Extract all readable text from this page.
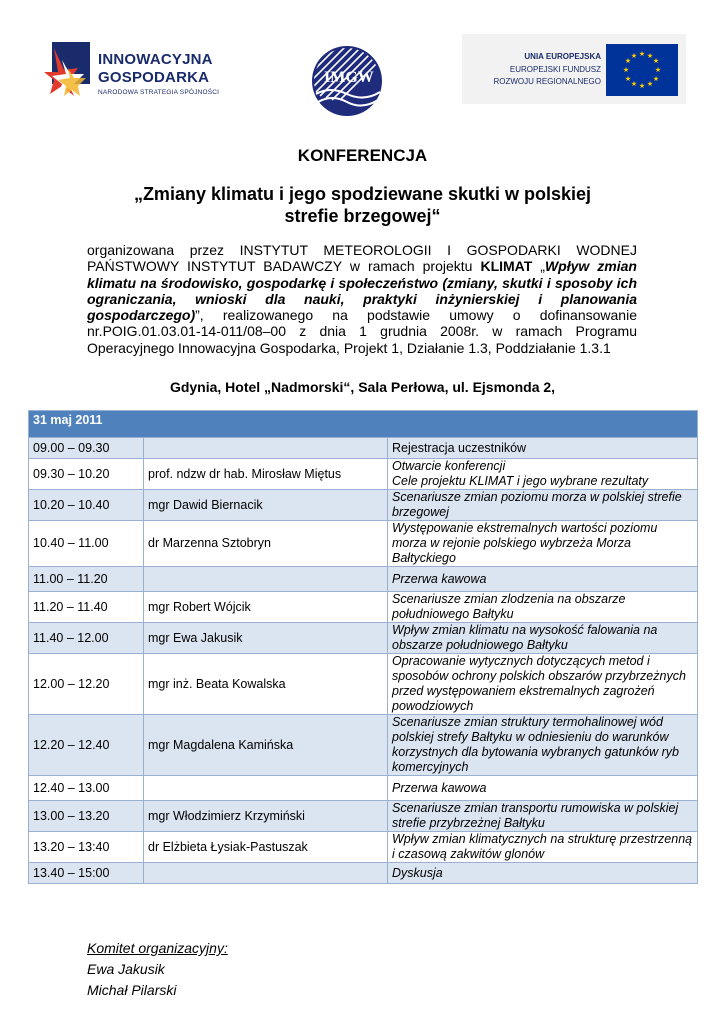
INNOWACYJNA
GOSPODARKA
NARODOWA STRATEGIA SPÓJNOŚCI
IMGW
UNIA EUROPEJSKA
EUROPEJSKI FUNDUSZ
ROZWOJU REGIONALNEGO
★ ★
★
★
★
★
★
★
★
★
★
★
KONFERENCJA
„Zmiany klimatu i jego spodziewane skutki w polskiej
strefie brzegowej“
organizowana przez INSTYTUT METEOROLOGII I GOSPODARKI WODNEJ PAŃSTWOWY INSTYTUT BADAWCZY w ramach projektu KLIMAT „Wpływ zmian klimatu na środowisko, gospodarkę i społeczeństwo (zmiany, skutki i sposoby ich ograniczania, wnioski dla nauki, praktyki inżynierskiej i planowania gospodarczego)”, realizowanego na podstawie umowy o dofinansowanie nr.POIG.01.03.01-14-011/08–00 z dnia 1 grudnia 2008r. w ramach Programu Operacyjnego Innowacyjna Gospodarka, Projekt 1, Działanie 1.3, Poddziałanie 1.3.1
Gdynia, Hotel „Nadmorski“, Sala Perłowa, ul. Ejsmonda 2,
31 maj 2011		
09.00 – 09.30		Rejestracja uczestników
09.30 – 10.20	prof. ndzw dr hab. Mirosław Miętus	Otwarcie konferencji
Cele projektu KLIMAT i jego wybrane rezultaty
10.20 – 10.40	mgr Dawid Biernacik	Scenariusze zmian poziomu morza w polskiej strefie brzegowej
10.40 – 11.00	dr Marzenna Sztobryn	Występowanie ekstremalnych wartości poziomu morza w rejonie polskiego wybrzeża Morza Bałtyckiego
11.00 – 11.20		Przerwa kawowa
11.20 – 11.40	mgr Robert Wójcik	Scenariusze zmian zlodzenia na obszarze południowego Bałtyku
11.40 – 12.00	mgr Ewa Jakusik	Wpływ zmian klimatu na wysokość falowania na obszarze południowego Bałtyku
12.00 – 12.20	mgr inż. Beata Kowalska	Opracowanie wytycznych dotyczących metod i sposobów ochrony polskich obszarów przybrzeżnych przed występowaniem ekstremalnych zagrożeń powodziowych
12.20 – 12.40	mgr Magdalena Kamińska	Scenariusze zmian struktury termohalinowej wód polskiej strefy Bałtyku w odniesieniu do warunków korzystnych dla bytowania wybranych gatunków ryb komercyjnych
12.40 – 13.00		Przerwa kawowa
13.00 – 13.20	mgr Włodzimierz Krzymiński	Scenariusze zmian transportu rumowiska w polskiej strefie przybrzeżnej Bałtyku
13.20 – 13:40	dr Elżbieta Łysiak-Pastuszak	Wpływ zmian klimatycznych na strukturę przestrzenną i czasową zakwitów glonów
13.40 – 15:00		Dyskusja
Komitet organizacyjny:
Ewa Jakusik
Michał Pilarski
